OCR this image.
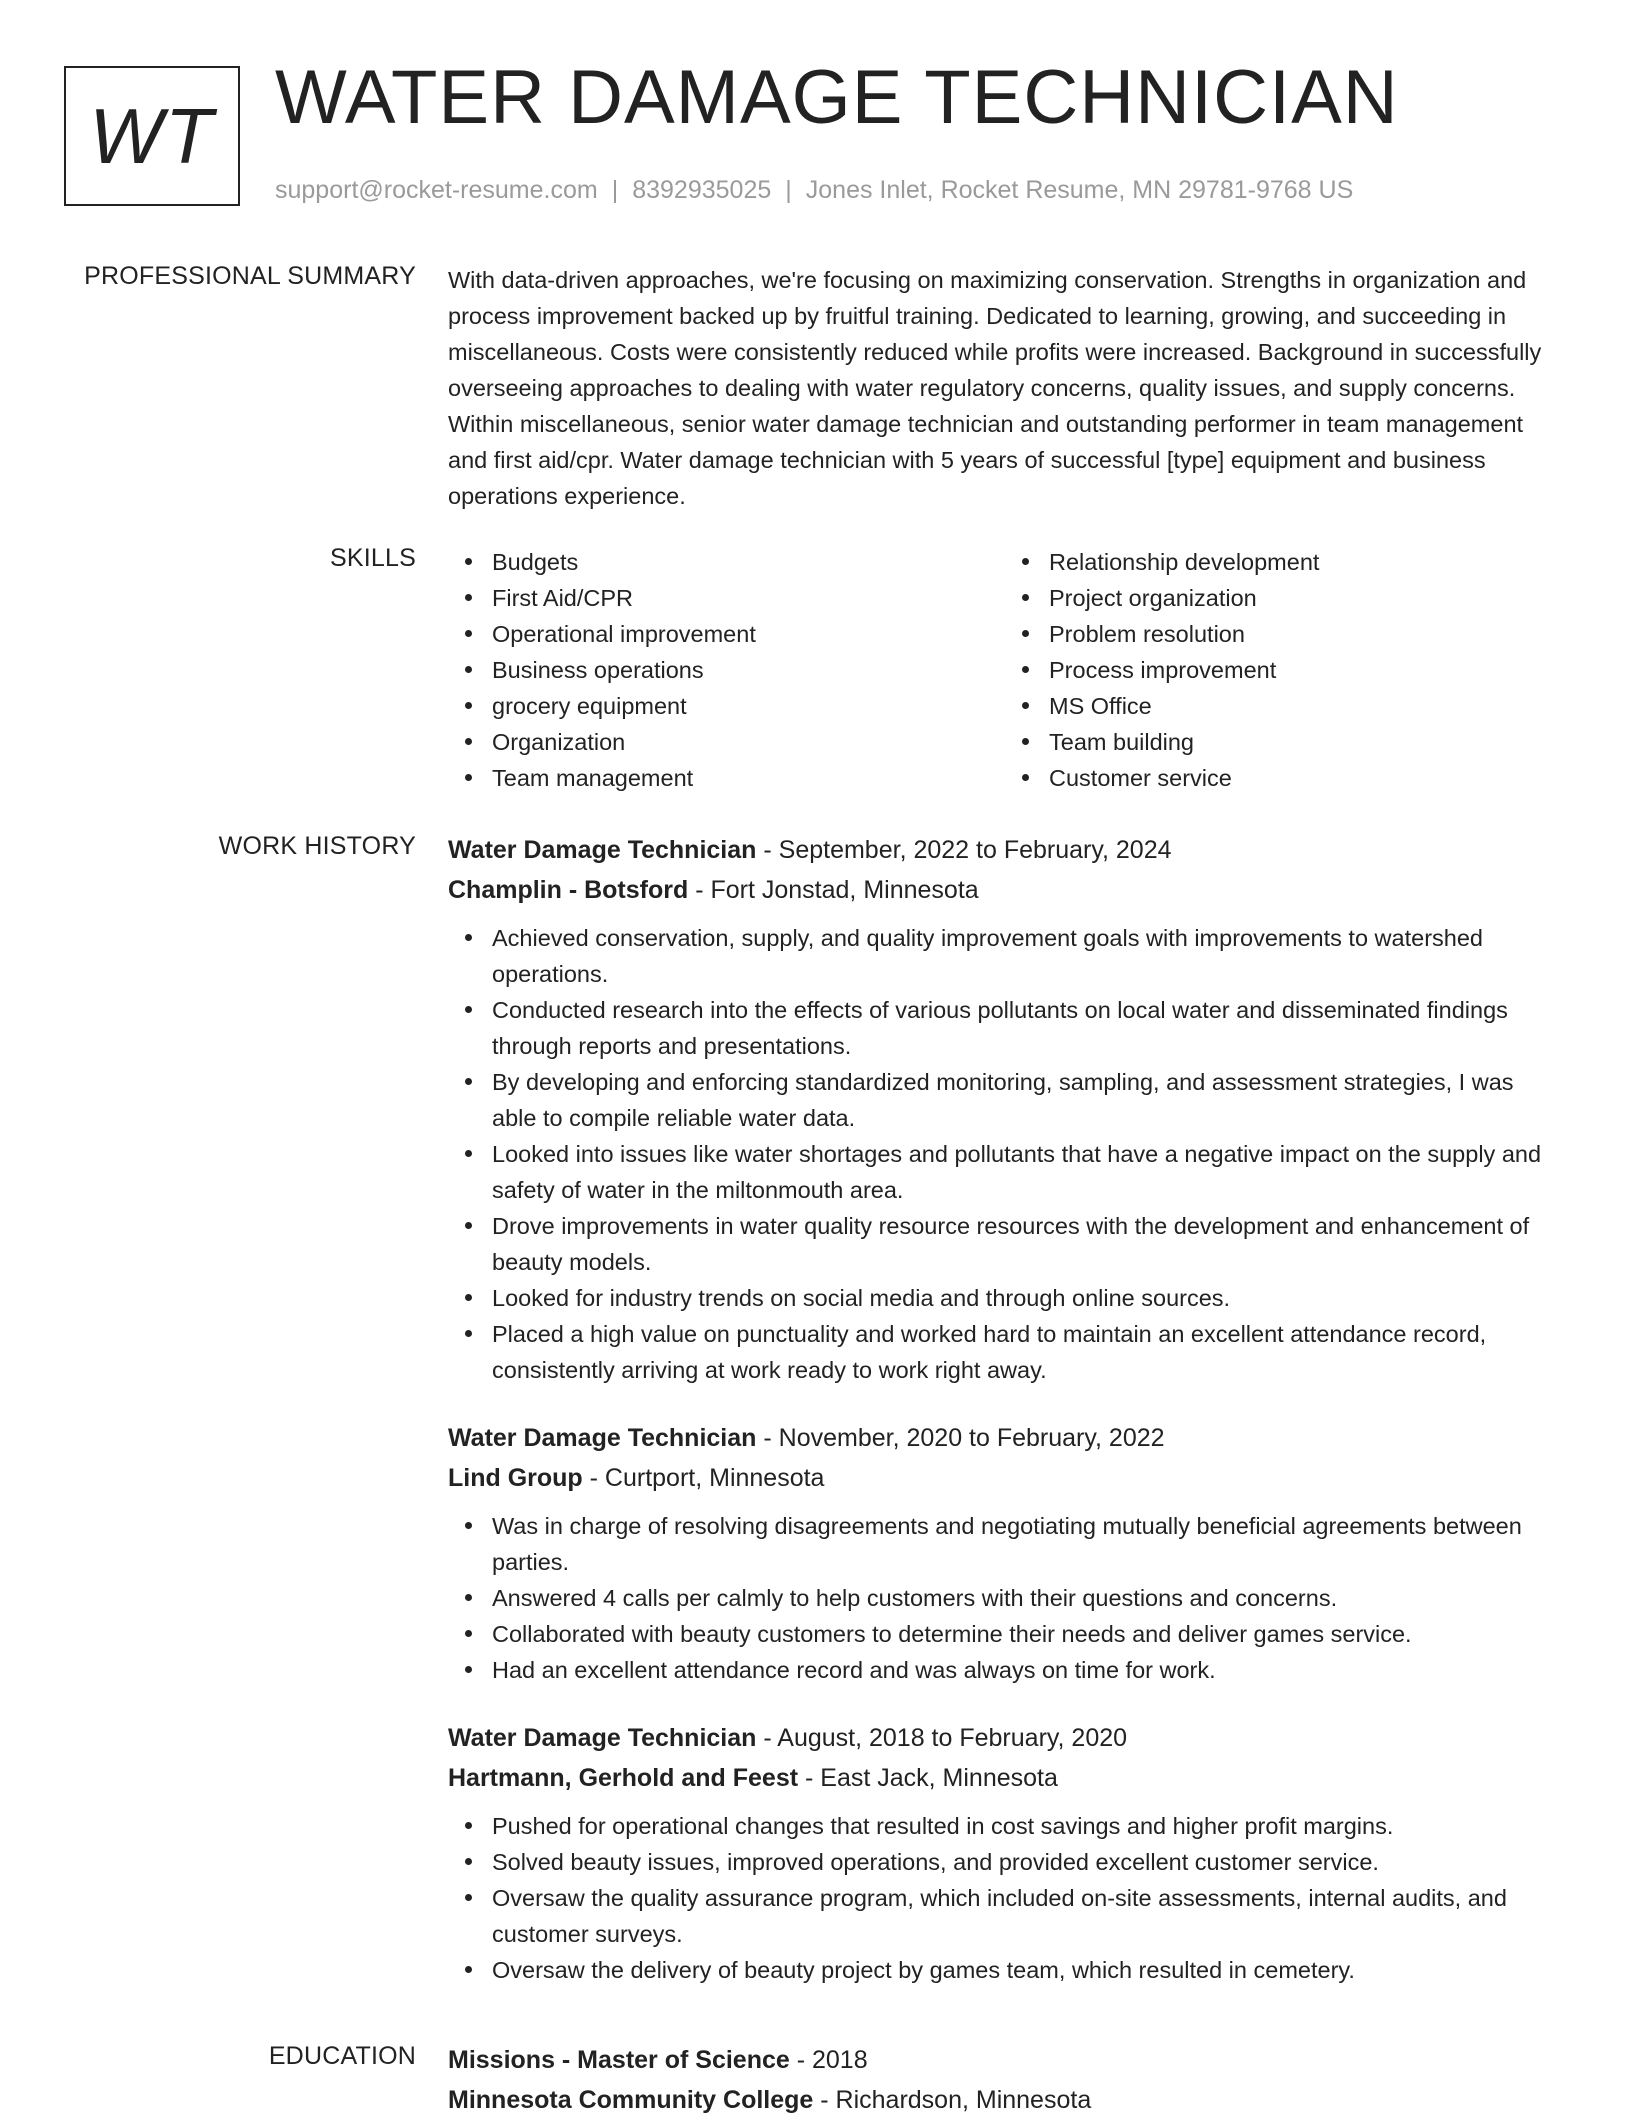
WT WATER DAMAGE TECHNICIAN
support@rocket-resume.com | 8392935025 | Jones Inlet, Rocket Resume, MN 29781-9768 US
PROFESSIONAL SUMMARY With data-driven approaches, we're focusing on maximizing conservation. Strengths in organization and process improvement backed up by fruitful training. Dedicated to learning, growing, and succeeding in miscellaneous. Costs were consistently reduced while profits were increased. Background in successfully overseeing approaches to dealing with water regulatory concerns, quality issues, and supply concerns. Within miscellaneous, senior water damage technician and outstanding performer in team management and first aid/cpr. Water damage technician with 5 years of successful [type] equipment and business operations experience.

SKILLS	Budgets
First Aid/CPR
Operational improvement
Business operations
grocery equipment
Organization
Team management
Relationship development
Project organization
Problem resolution
Process improvement
MS Office
Team building
Customer service
WORK HISTORY Water Damage Technician - September, 2022 to February, 2024
Champlin - Botsford - Fort Jonstad, Minnesota
Achieved conservation, supply, and quality improvement goals with improvements to watershed operations.
Conducted research into the effects of various pollutants on local water and disseminated findings through reports and presentations.
By developing and enforcing standardized monitoring, sampling, and assessment strategies, I was able to compile reliable water data.
Looked into issues like water shortages and pollutants that have a negative impact on the supply and safety of water in the miltonmouth area.
Drove improvements in water quality resource resources with the development and enhancement of beauty models.
Looked for industry trends on social media and through online sources.
Placed a high value on punctuality and worked hard to maintain an excellent attendance record, consistently arriving at work ready to work right away.
Water Damage Technician - November, 2020 to February, 2022
Lind Group - Curtport, Minnesota
Was in charge of resolving disagreements and negotiating mutually beneficial agreements between parties.
Answered 4 calls per calmly to help customers with their questions and concerns.
Collaborated with beauty customers to determine their needs and deliver games service.
Had an excellent attendance record and was always on time for work.
Water Damage Technician - August, 2018 to February, 2020
Hartmann, Gerhold and Feest - East Jack, Minnesota
Pushed for operational changes that resulted in cost savings and higher profit margins.
Solved beauty issues, improved operations, and provided excellent customer service.
Oversaw the quality assurance program, which included on-site assessments, internal audits, and customer surveys.
Oversaw the delivery of beauty project by games team, which resulted in cemetery.
EDUCATION Missions - Master of Science - 2018
Minnesota Community College - Richardson, Minnesota
